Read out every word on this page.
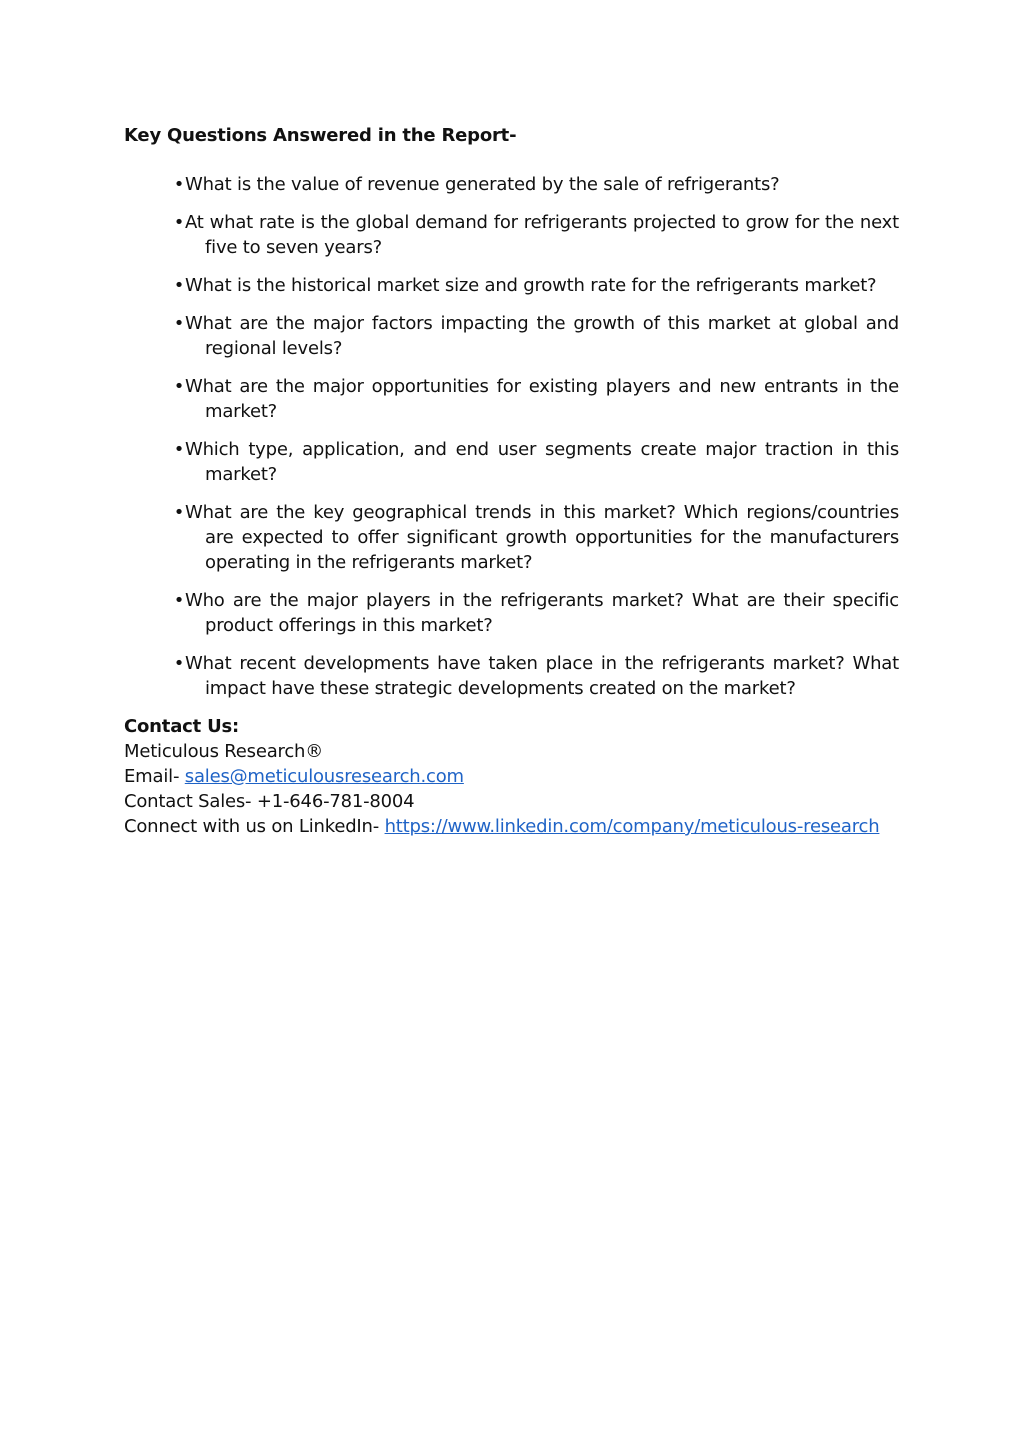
Key Questions Answered in the Report-
• What is the value of revenue generated by the sale of refrigerants?
• At what rate is the global demand for refrigerants projected to grow for the next five to seven years?
• What is the historical market size and growth rate for the refrigerants market?
• What are the major factors impacting the growth of this market at global and regional levels?
• What are the major opportunities for existing players and new entrants in the market?
• Which type, application, and end user segments create major traction in this market?
• What are the key geographical trends in this market? Which regions/countries are expected to offer significant growth opportunities for the manufacturers operating in the refrigerants market?
• Who are the major players in the refrigerants market? What are their specific product offerings in this market?
• What recent developments have taken place in the refrigerants market? What impact have these strategic developments created on the market?
Contact Us:
Meticulous Research®
Email- sales@meticulousresearch.com
Contact Sales- +1-646-781-8004
Connect with us on LinkedIn- https://www.linkedin.com/company/meticulous-research
